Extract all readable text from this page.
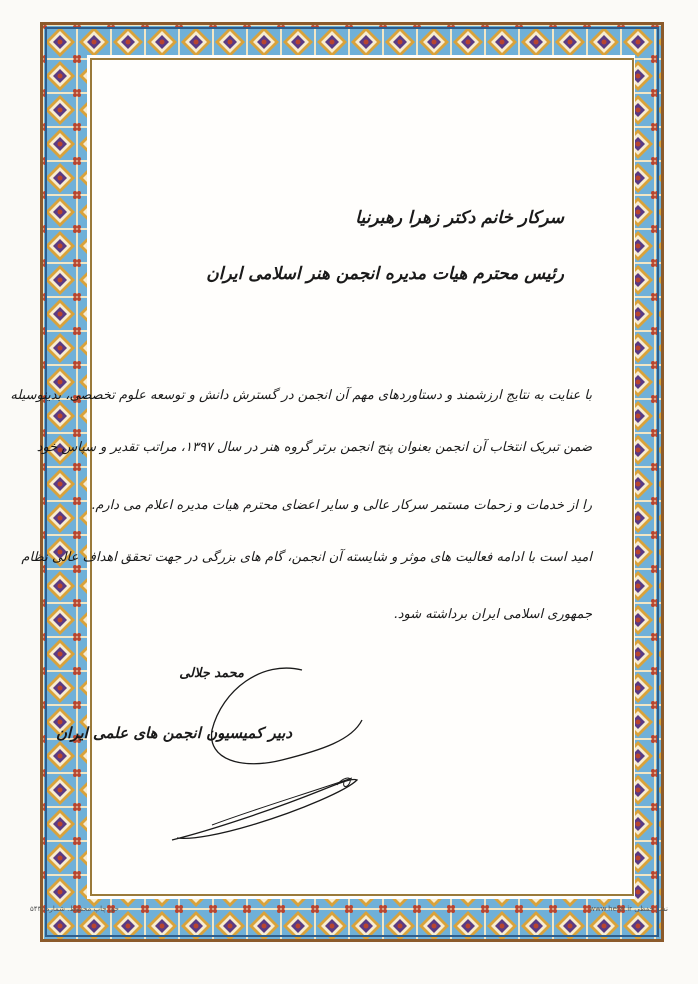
سرکار خانم دکتر زهرا رهبرنیا
رئیس محترم هیات مدیره انجمن هنر اسلامی ایران
با عنایت به نتایج ارزشمند و دستاوردهای مهم آن انجمن در گسترش دانش و توسعه علوم تخصصی، بدینوسیله
ضمن تبریک انتخاب آن انجمن بعنوان پنج انجمن برتر گروه هنر در سال ۱۳۹۷، مراتب تقدیر و سپاس خود
را از خدمات و زحمات مستمر سرکار عالی و سایر اعضای محترم هیات مدیره اعلام می دارم.
امید است با ادامه فعالیت های موثر و شایسته آن انجمن، گام های بزرگی در جهت تحقق اهداف عالی نظام
جمهوری اسلامی ایران برداشته شود.
محمد جلالی
دبیر کمیسیون انجمن های علمی ایران
حق چاپ محفوظ. شماره: ۵۴۳	نشر حفظی www.hefzi.ir
